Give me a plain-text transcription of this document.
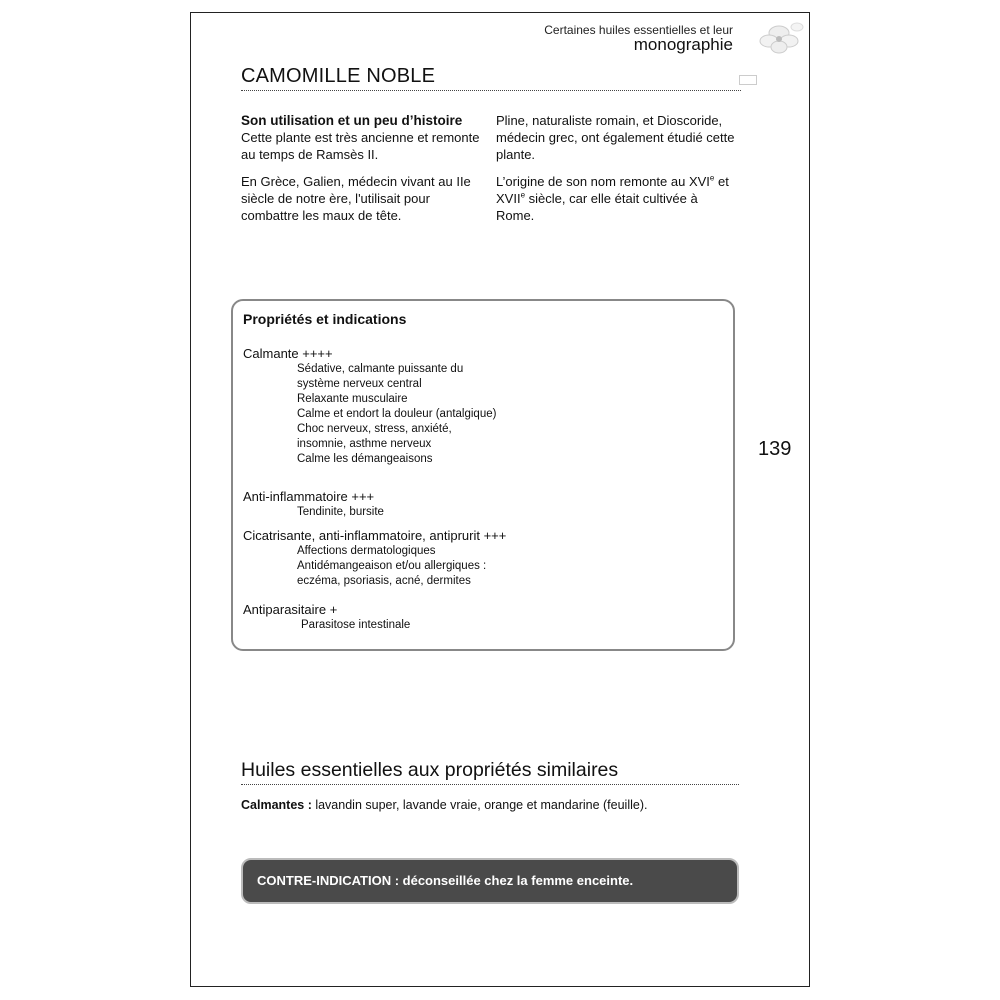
Certaines huiles essentielles et leur
monographie
CAMOMILLE NOBLE
Son utilisation et un peu d’histoire

Cette plante est très ancienne et remonte au temps de Ramsès II.

En Grèce, Galien, médecin vivant au IIe siècle de notre ère, l'utilisait pour combattre les maux de tête.

Pline, naturaliste romain, et Dioscoride, médecin grec, ont également étudié cette plante.

L’origine de son nom remonte au XVIe et XVIIe siècle, car elle était cultivée à Rome.

Propriétés et indications
Calmante ++++
Sédative, calmante puissante du
système nerveux central
Relaxante musculaire
Calme et endort la douleur (antalgique)
Choc nerveux, stress, anxiété,
insomnie, asthme nerveux
Calme les démangeaisons
Anti-inflammatoire +++
Tendinite, bursite
Cicatrisante, anti-inflammatoire, antiprurit +++
Affections dermatologiques
Antidémangeaison et/ou allergiques :
eczéma, psoriasis, acné, dermites
Antiparasitaire +
Parasitose intestinale
139
Huiles essentielles aux propriétés similaires
Calmantes : lavandin super, lavande vraie, orange et mandarine (feuille).
CONTRE-INDICATION : déconseillée chez la femme enceinte.
